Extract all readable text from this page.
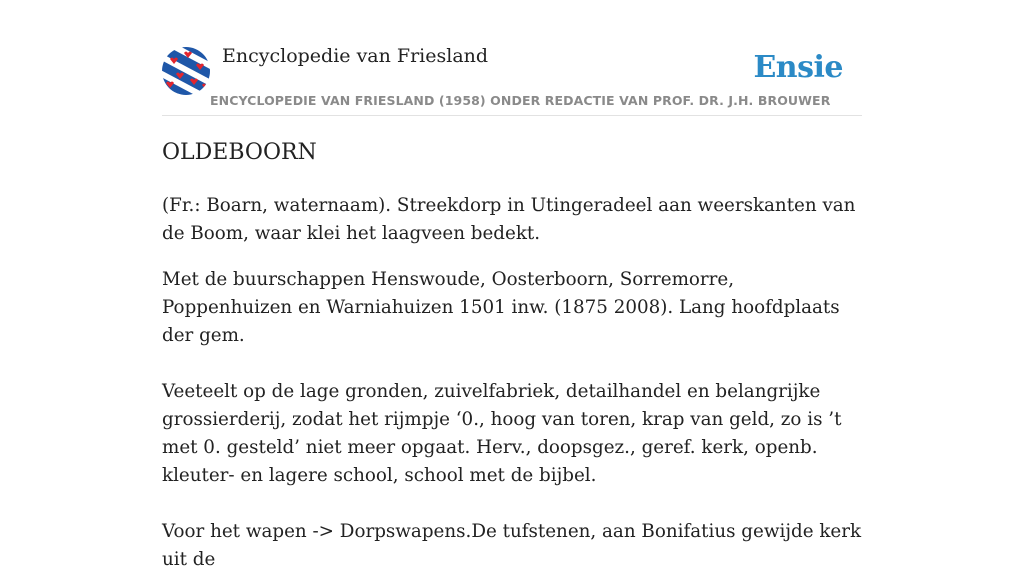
Encyclopedie van Friesland	Ensie
ENCYCLOPEDIE VAN FRIESLAND (1958) ONDER REDACTIE VAN PROF. DR. J.H. BROUWER
OLDEBOORN

(Fr.: Boarn, waternaam). Streekdorp in Utingeradeel aan weerskanten van de Boom, waar klei het laagveen bedekt.

Met de buurschappen Henswoude, Oosterboorn, Sorremorre, Poppenhuizen en Warniahuizen 1501 inw. (1875 2008). Lang hoofdplaats der gem.

Veeteelt op de lage gronden, zuivelfabriek, detailhandel en belangrijke grossierderij, zodat het rijmpje ‘0., hoog van toren, krap van geld, zo is ’t met 0. gesteld’ niet meer opgaat. Herv., doopsgez., geref. kerk, openb. kleuter- en lagere school, school met de bijbel.

Voor het wapen -> Dorpswapens.De tufstenen, aan Bonifatius gewijde kerk uit de
